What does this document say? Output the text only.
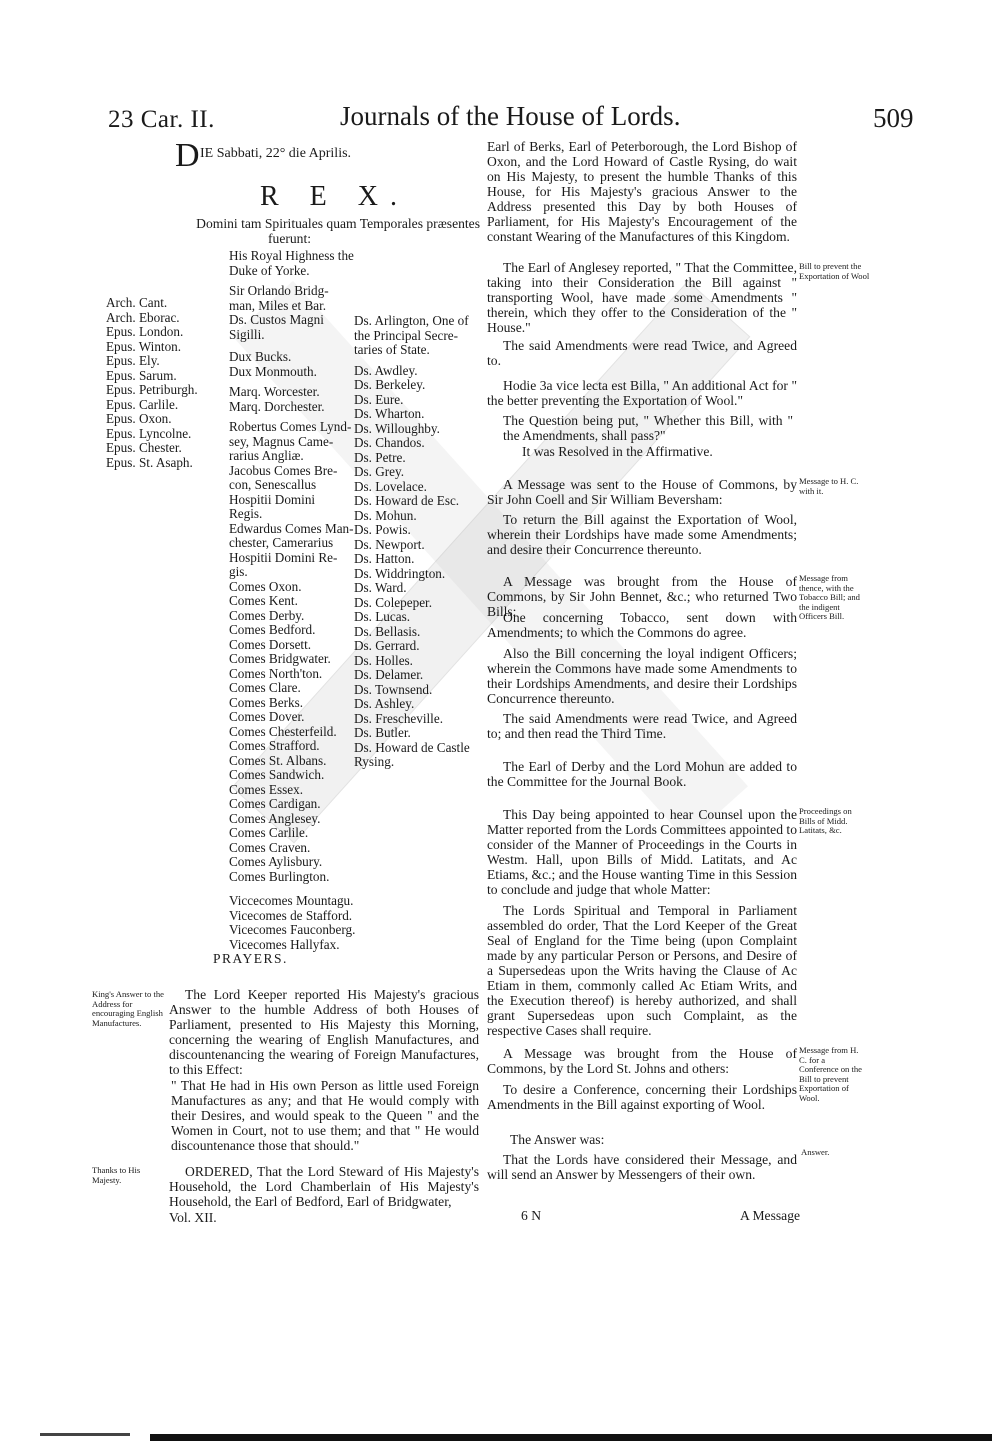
23 Car. II.	Journals of the House of Lords.	509
D IE Sabbati, 22° die Aprilis.
R E X.
Domini tam Spirituales quam Temporales præsentes
fuerunt:
Arch. Cant.
Arch. Eborac.
Epus. London.
Epus. Winton.
Epus. Ely.
Epus. Sarum.
Epus. Petriburgh.
Epus. Carlile.
Epus. Oxon.
Epus. Lyncolne.
Epus. Chester.
Epus. St. Asaph.
His Royal Highness the
Duke of Yorke.

Sir Orlando Bridg-
man, Miles et Bar.
Ds. Custos Magni
Sigilli.
Dux Bucks.
Dux Monmouth.

Marq. Worcester.
Marq. Dorchester.

Robertus Comes Lynd-
sey, Magnus Came-
rarius Angliæ.
Jacobus Comes Bre-
con, Senescallus
Hospitii Domini
Regis.
Edwardus Comes Man-
chester, Camerarius
Hospitii Domini Re-
gis.
Comes Oxon.
Comes Kent.
Comes Derby.
Comes Bedford.
Comes Dorsett.
Comes Bridgwater.
Comes North'ton.
Comes Clare.
Comes Berks.
Comes Dover.
Comes Chesterfeild.
Comes Strafford.
Comes St. Albans.
Comes Sandwich.
Comes Essex.
Comes Cardigan.
Comes Anglesey.
Comes Carlile.
Comes Craven.
Comes Aylisbury.
Comes Burlington.
Viccecomes Mountagu.
Vicecomes de Stafford.
Vicecomes Fauconberg.
Vicecomes Hallyfax.
Ds. Arlington, One of
the Principal Secre-
taries of State.

Ds. Awdley.
Ds. Berkeley.
Ds. Eure.
Ds. Wharton.
Ds. Willoughby.
Ds. Chandos.
Ds. Petre.
Ds. Grey.
Ds. Lovelace.
Ds. Howard de Esc.
Ds. Mohun.
Ds. Powis.
Ds. Newport.
Ds. Hatton.
Ds. Widdrington.
Ds. Ward.
Ds. Colepeper.
Ds. Lucas.
Ds. Bellasis.
Ds. Gerrard.
Ds. Holles.
Ds. Delamer.
Ds. Townsend.
Ds. Ashley.
Ds. Frescheville.
Ds. Butler.
Ds. Howard de Castle
Rysing.
PRAYERS.
King's Answer to the Address for encouraging English Manufactures.
The Lord Keeper reported His Majesty's gracious Answer to the humble Address of both Houses of Parliament, presented to His Majesty this Morning, concerning the wearing of English Manufactures, and discountenancing the wearing of Foreign Manufactures, to this Effect:
" That He had in His own Person as little used Foreign Manufactures as any; and that He would comply with their Desires, and would speak to the Queen " and the Women in Court, not to use them; and that " He would discountenance those that should."
Thanks to His Majesty.
ORDERED, That the Lord Steward of His Majesty's Household, the Lord Chamberlain of His Majesty's Household, the Earl of Bedford, Earl of Bridgwater,
Vol. XII.
Earl of Berks, Earl of Peterborough, the Lord Bishop of Oxon, and the Lord Howard of Castle Rysing, do wait on His Majesty, to present the humble Thanks of this House, for His Majesty's gracious Answer to the Address presented this Day by both Houses of Parliament, for His Majesty's Encouragement of the constant Wearing of the Manufactures of this Kingdom.
Bill to prevent the Exportation of Wool
The Earl of Anglesey reported, " That the Committee, taking into their Consideration the Bill against " transporting Wool, have made some Amendments " therein, which they offer to the Consideration of the " House."
The said Amendments were read Twice, and Agreed to.
Hodie 3a vice lecta est Billa, " An additional Act for " the better preventing the Exportation of Wool."
The Question being put, " Whether this Bill, with " the Amendments, shall pass?"
It was Resolved in the Affirmative.
Message to H. C. with it.
A Message was sent to the House of Commons, by Sir John Coell and Sir William Beversham:
To return the Bill against the Exportation of Wool, wherein their Lordships have made some Amendments; and desire their Concurrence thereunto.
Message from thence, with the Tobacco Bill; and the indigent Officers Bill.
A Message was brought from the House of Commons, by Sir John Bennet, &c.; who returned Two Bills:
One concerning Tobacco, sent down with Amendments; to which the Commons do agree.
Also the Bill concerning the loyal indigent Officers; wherein the Commons have made some Amendments to their Lordships Amendments, and desire their Lordships Concurrence thereunto.
The said Amendments were read Twice, and Agreed to; and then read the Third Time.
The Earl of Derby and the Lord Mohun are added to the Committee for the Journal Book.
Proceedings on Bills of Midd. Latitats, &c.
This Day being appointed to hear Counsel upon the Matter reported from the Lords Committees appointed to consider of the Manner of Proceedings in the Courts in Westm. Hall, upon Bills of Midd. Latitats, and Ac Etiams, &c.; and the House wanting Time in this Session to conclude and judge that whole Matter:
The Lords Spiritual and Temporal in Parliament assembled do order, That the Lord Keeper of the Great Seal of England for the Time being (upon Complaint made by any particular Person or Persons, and Desire of a Supersedeas upon the Writs having the Clause of Ac Etiam in them, commonly called Ac Etiam Writs, and the Execution thereof) is hereby authorized, and shall grant Supersedeas upon such Complaint, as the respective Cases shall require.
Message from H. C. for a Conference on the Bill to prevent Exportation of Wool.
A Message was brought from the House of Commons, by the Lord St. Johns and others:
To desire a Conference, concerning their Lordships Amendments in the Bill against exporting of Wool.
The Answer was:
Answer.
That the Lords have considered their Message, and will send an Answer by Messengers of their own.
6 N	A Message
